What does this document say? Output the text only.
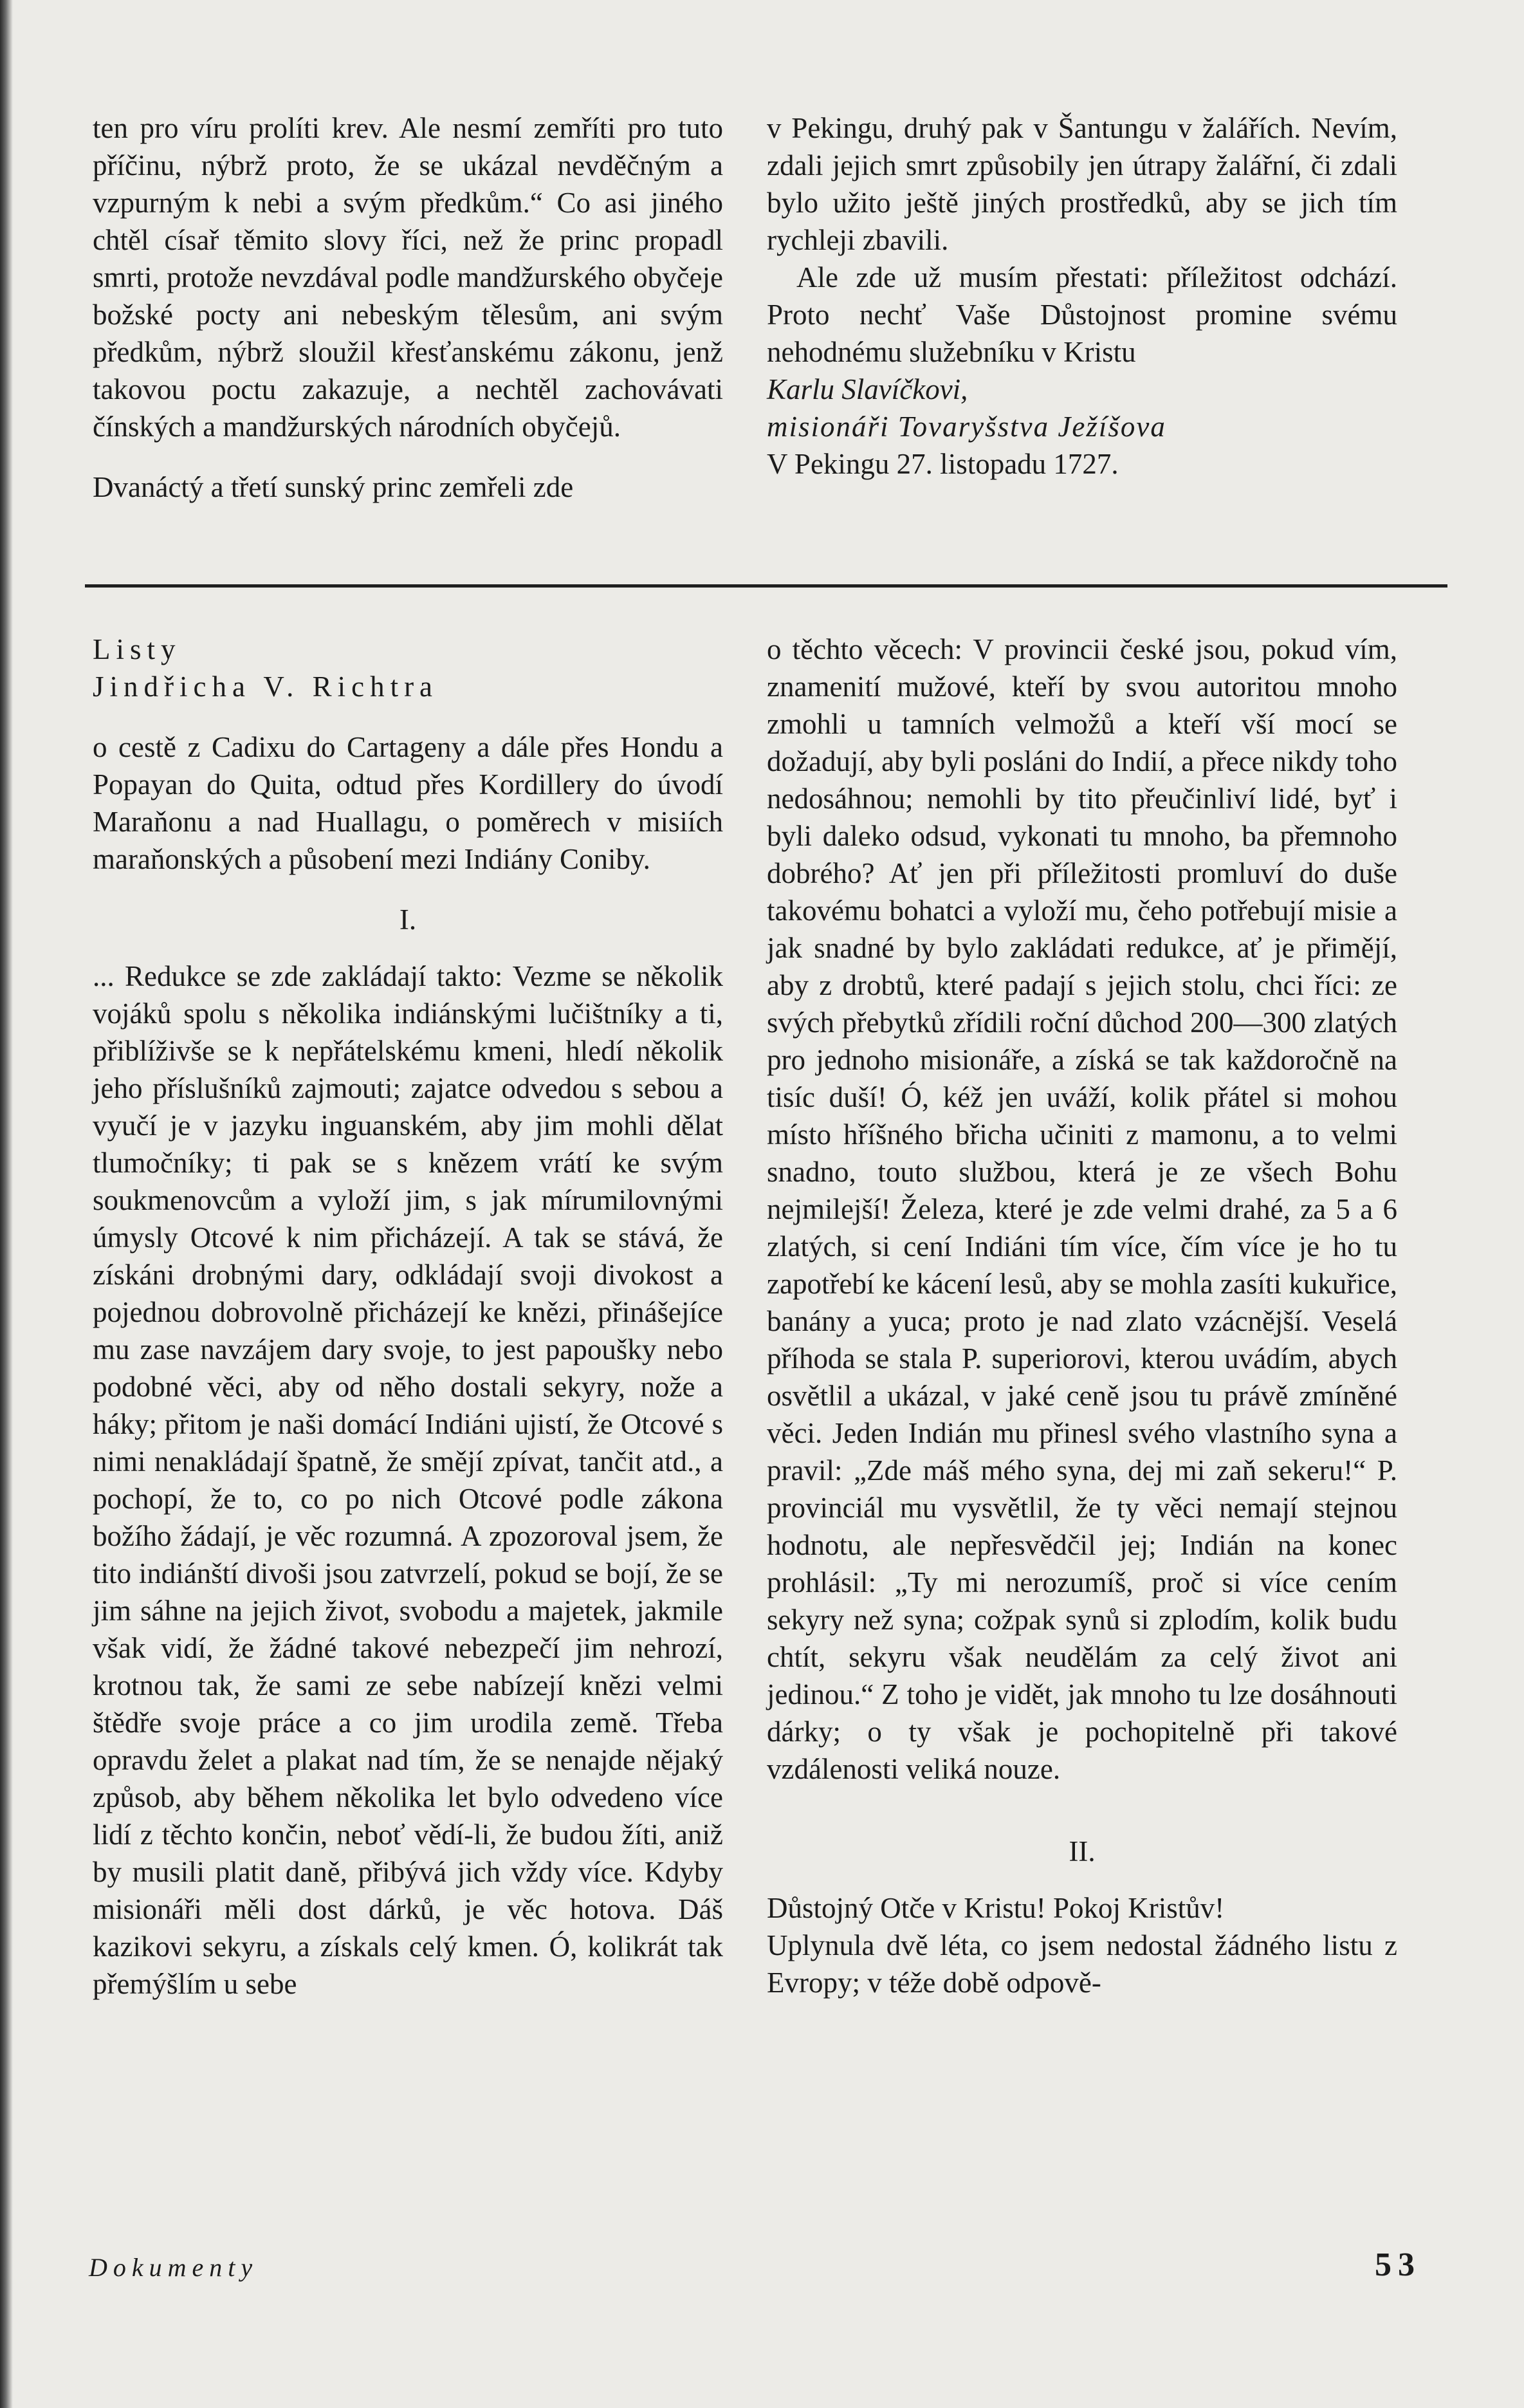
ten pro víru prolíti krev. Ale nesmí zemříti pro tuto příčinu, nýbrž proto, že se ukázal nevděčným a vzpurným k nebi a svým předkům.“ Co asi jiného chtěl císař těmito slovy říci, než že princ propadl smrti, protože nevzdával podle mandžurského obyčeje božské pocty ani nebeským tělesům, ani svým předkům, nýbrž sloužil křesťanskému zákonu, jenž takovou poctu zakazuje, a nechtěl zachovávati čínských a mandžurských národních obyčejů.

Dvanáctý a třetí sunský princ zemřeli zde

v Pekingu, druhý pak v Šantungu v žalářích. Nevím, zdali jejich smrt způsobily jen útrapy žalářní, či zdali bylo užito ještě jiných prostředků, aby se jich tím rychleji zbavili.

Ale zde už musím přestati: příležitost odchází. Proto nechť Vaše Důstojnost promine svému nehodnému služebníku v Kristu

Karlu Slavíčkovi,

misionáři Tovaryšstva Ježíšova

V Pekingu 27. listopadu 1727.

Listy
Jindřicha V. Richtra

o cestě z Cadixu do Cartageny a dále přes Hondu a Popayan do Quita, odtud přes Kordillery do úvodí Maraňonu a nad Huallagu, o poměrech v misiích maraňonských a působení mezi Indiány Coniby.

I.

... Redukce se zde zakládají takto: Vezme se několik vojáků spolu s několika indiánskými lučištníky a ti, přiblíživše se k nepřátelskému kmeni, hledí několik jeho příslušníků zajmouti; zajatce odvedou s sebou a vyučí je v jazyku inguanském, aby jim mohli dělat tlumočníky; ti pak se s knězem vrátí ke svým soukmenovcům a vyloží jim, s jak mírumilovnými úmysly Otcové k nim přicházejí. A tak se stává, že získáni drobnými dary, odkládají svoji divokost a pojednou dobrovolně přicházejí ke knězi, přinášejíce mu zase navzájem dary svoje, to jest papoušky nebo podobné věci, aby od něho dostali sekyry, nože a háky; přitom je naši domácí Indiáni ujistí, že Otcové s nimi nenakládají špatně, že smějí zpívat, tančit atd., a pochopí, že to, co po nich Otcové podle zákona božího žádají, je věc rozumná. A zpozoroval jsem, že tito indiánští divoši jsou zatvrzelí, pokud se bojí, že se jim sáhne na jejich život, svobodu a majetek, jakmile však vidí, že žádné takové nebezpečí jim nehrozí, krotnou tak, že sami ze sebe nabízejí knězi velmi štědře svoje práce a co jim urodila země. Třeba opravdu želet a plakat nad tím, že se nenajde nějaký způsob, aby během několika let bylo odvedeno více lidí z těchto končin, neboť vědí-li, že budou žíti, aniž by musili platit daně, přibývá jich vždy více. Kdyby misionáři měli dost dárků, je věc hotova. Dáš kazikovi sekyru, a získals celý kmen. Ó, kolikrát tak přemýšlím u sebe

o těchto věcech: V provincii české jsou, pokud vím, znamenití mužové, kteří by svou autoritou mnoho zmohli u tamních velmožů a kteří vší mocí se dožadují, aby byli posláni do Indií, a přece nikdy toho nedosáhnou; nemohli by tito přeučinliví lidé, byť i byli daleko odsud, vykonati tu mnoho, ba přemnoho dobrého? Ať jen při příležitosti promluví do duše takovému bohatci a vyloží mu, čeho potřebují misie a jak snadné by bylo zakládati redukce, ať je přimějí, aby z drobtů, které padají s jejich stolu, chci říci: ze svých přebytků zřídili roční důchod 200—300 zlatých pro jednoho misionáře, a získá se tak každoročně na tisíc duší! Ó, kéž jen uváží, kolik přátel si mohou místo hříšného břicha učiniti z mamonu, a to velmi snadno, touto službou, která je ze všech Bohu nejmilejší! Železa, které je zde velmi drahé, za 5 a 6 zlatých, si cení Indiáni tím více, čím více je ho tu zapotřebí ke kácení lesů, aby se mohla zasíti kukuřice, banány a yuca; proto je nad zlato vzácnější. Veselá příhoda se stala P. superiorovi, kterou uvádím, abych osvětlil a ukázal, v jaké ceně jsou tu právě zmíněné věci. Jeden Indián mu přinesl svého vlastního syna a pravil: „Zde máš mého syna, dej mi zaň sekeru!“ P. provinciál mu vysvětlil, že ty věci nemají stejnou hodnotu, ale nepřesvědčil jej; Indián na konec prohlásil: „Ty mi nerozumíš, proč si více cením sekyry než syna; cožpak synů si zplodím, kolik budu chtít, sekyru však neudělám za celý život ani jedinou.“ Z toho je vidět, jak mnoho tu lze dosáhnouti dárky; o ty však je pochopitelně při takové vzdálenosti veliká nouze.

II.

Důstojný Otče v Kristu! Pokoj Kristův!

Uplynula dvě léta, co jsem nedostal žádného listu z Evropy; v téže době odpově-

Dokumenty	53
